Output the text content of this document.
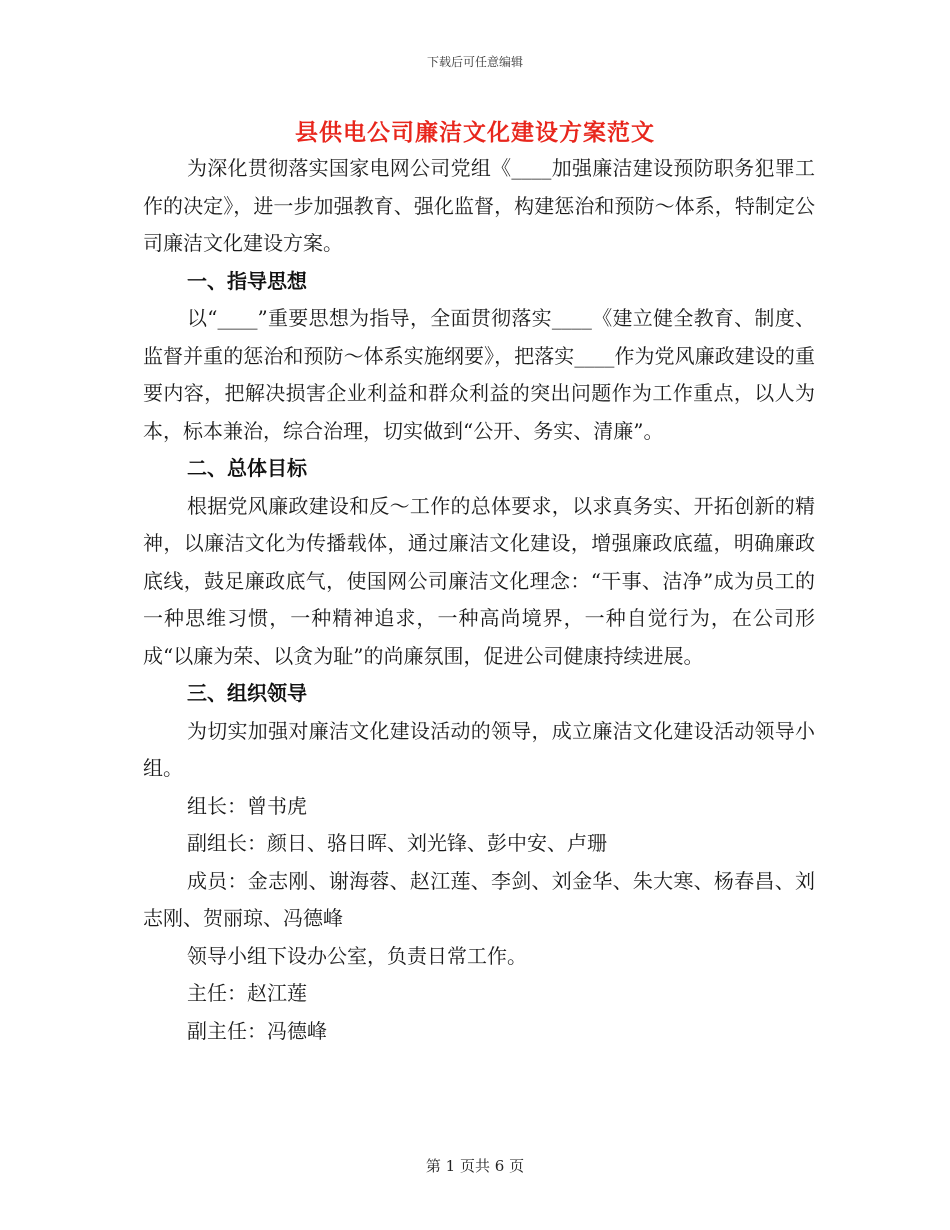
下载后可任意编辑
县供电公司廉洁文化建设方案范文

为深化贯彻落实国家电网公司党组《____加强廉洁建设预防职务犯罪工作的决定》，进一步加强教育、强化监督，构建惩治和预防～体系，特制定公司廉洁文化建设方案。

一、指导思想

以“____”重要思想为指导，全面贯彻落实____《建立健全教育、制度、监督并重的惩治和预防～体系实施纲要》，把落实____作为党风廉政建设的重要内容，把解决损害企业利益和群众利益的突出问题作为工作重点，以人为本，标本兼治，综合治理，切实做到“公开、务实、清廉”。

二、总体目标

根据党风廉政建设和反～工作的总体要求，以求真务实、开拓创新的精神，以廉洁文化为传播载体，通过廉洁文化建设，增强廉政底蕴，明确廉政底线，鼓足廉政底气，使国网公司廉洁文化理念：“干事、洁净”成为员工的一种思维习惯，一种精神追求，一种高尚境界，一种自觉行为，在公司形成“以廉为荣、以贪为耻”的尚廉氛围，促进公司健康持续进展。

三、组织领导

为切实加强对廉洁文化建设活动的领导，成立廉洁文化建设活动领导小组。

组长：曾书虎

副组长：颜日、骆日晖、刘光锋、彭中安、卢珊

成员：金志刚、谢海蓉、赵江莲、李剑、刘金华、朱大寒、杨春昌、刘志刚、贺丽琼、冯德峰

领导小组下设办公室，负责日常工作。

主任：赵江莲

副主任：冯德峰

第 1 页共 6 页
